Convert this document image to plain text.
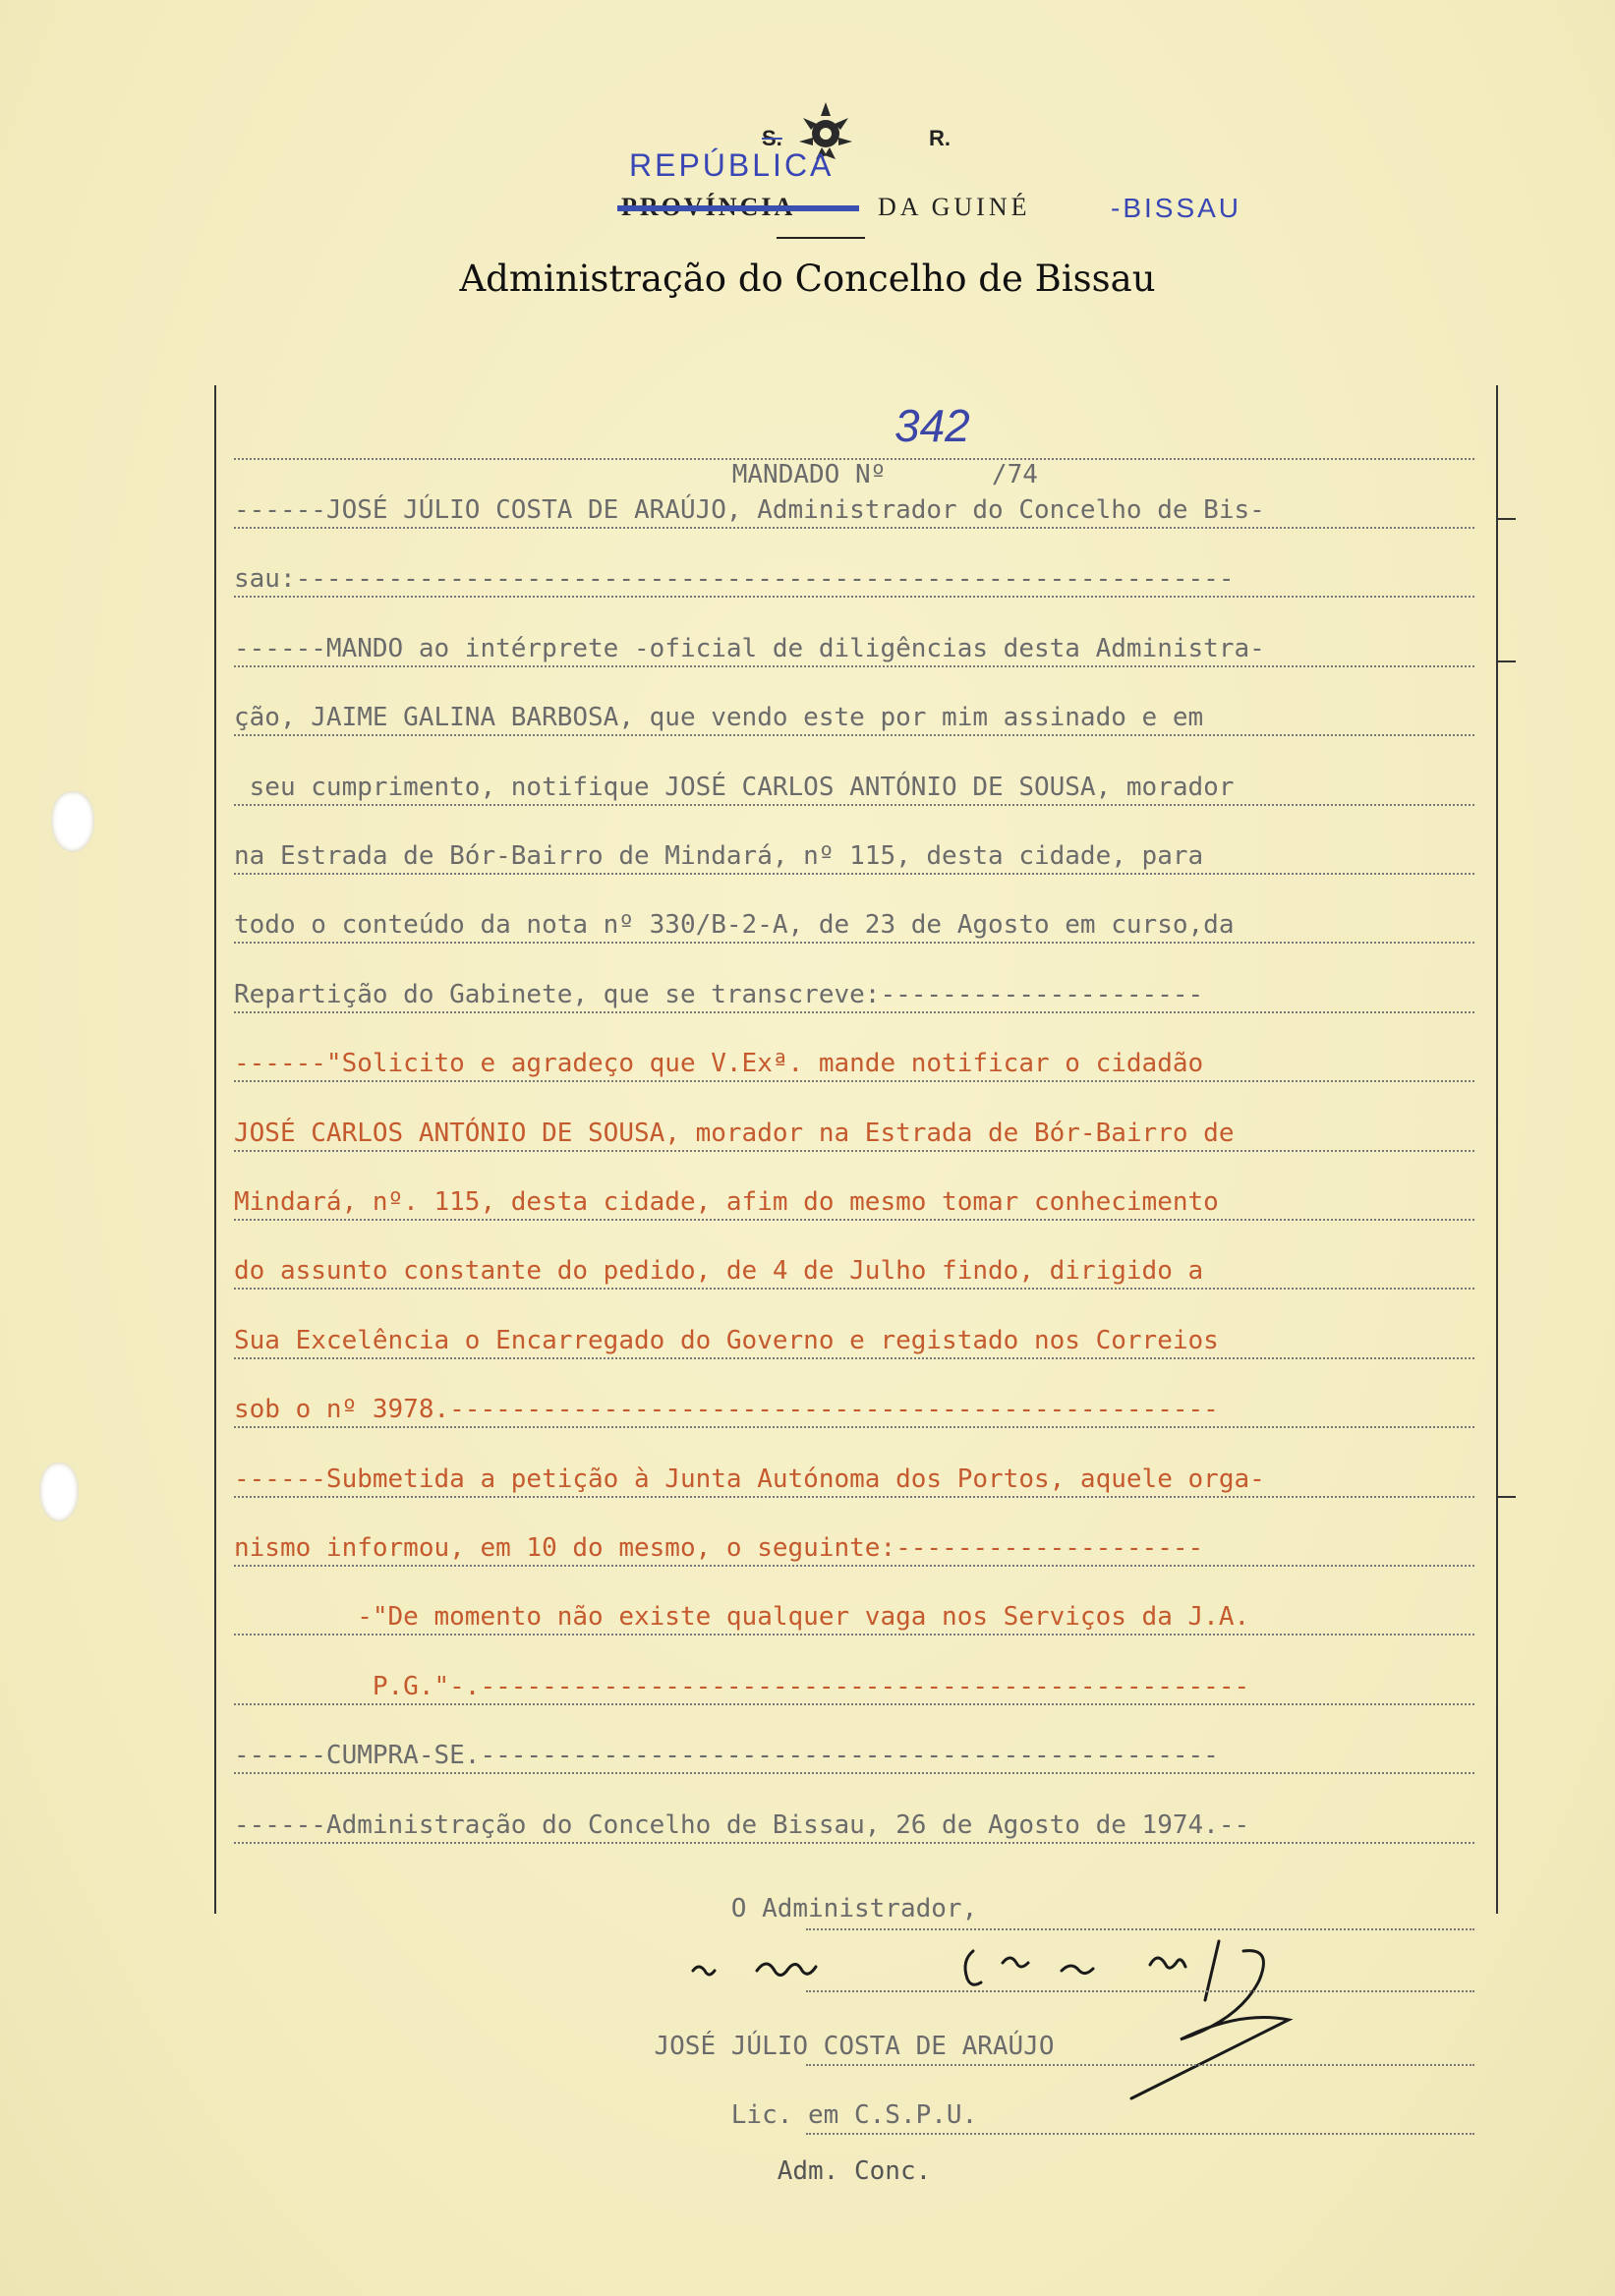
S.	R.
REPÚBLICA
DA GUINÉ	-BISSAU
Administração do Concelho de Bissau

MANDADO Nº	/74

342
------JOSÉ JÚLIO COSTA DE ARAÚJO, Administrador do Concelho de Bis-
sau:-------------------------------------------------------------
------MANDO ao intérprete -oficial de diligências desta Administra-
ção, JAIME GALINA BARBOSA, que vendo este por mim assinado e em
seu cumprimento, notifique JOSÉ CARLOS ANTÓNIO DE SOUSA, morador
na Estrada de Bór-Bairro de Mindará, nº 115, desta cidade, para
todo o conteúdo da nota nº 330/B-2-A, de 23 de Agosto em curso,da
Repartição do Gabinete, que se transcreve:---------------------
------"Solicito e agradeço que V.Exª. mande notificar o cidadão
JOSÉ CARLOS ANTÓNIO DE SOUSA, morador na Estrada de Bór-Bairro de
Mindará, nº. 115, desta cidade, afim do mesmo tomar conhecimento
do assunto constante do pedido, de 4 de Julho findo, dirigido a
Sua Excelência o Encarregado do Governo e registado nos Correios
sob o nº 3978.--------------------------------------------------
------Submetida a petição à Junta Autónoma dos Portos, aquele orga-
nismo informou, em 10 do mesmo, o seguinte:--------------------
-"De momento não existe qualquer vaga nos Serviços da J.A.
P.G."-.--------------------------------------------------
------CUMPRA-SE.------------------------------------------------
------Administração do Concelho de Bissau, 26 de Agosto de 1974.--
O Administrador,
JOSÉ JÚLIO COSTA DE ARAÚJO
Lic. em C.S.P.U.
Adm. Conc.
